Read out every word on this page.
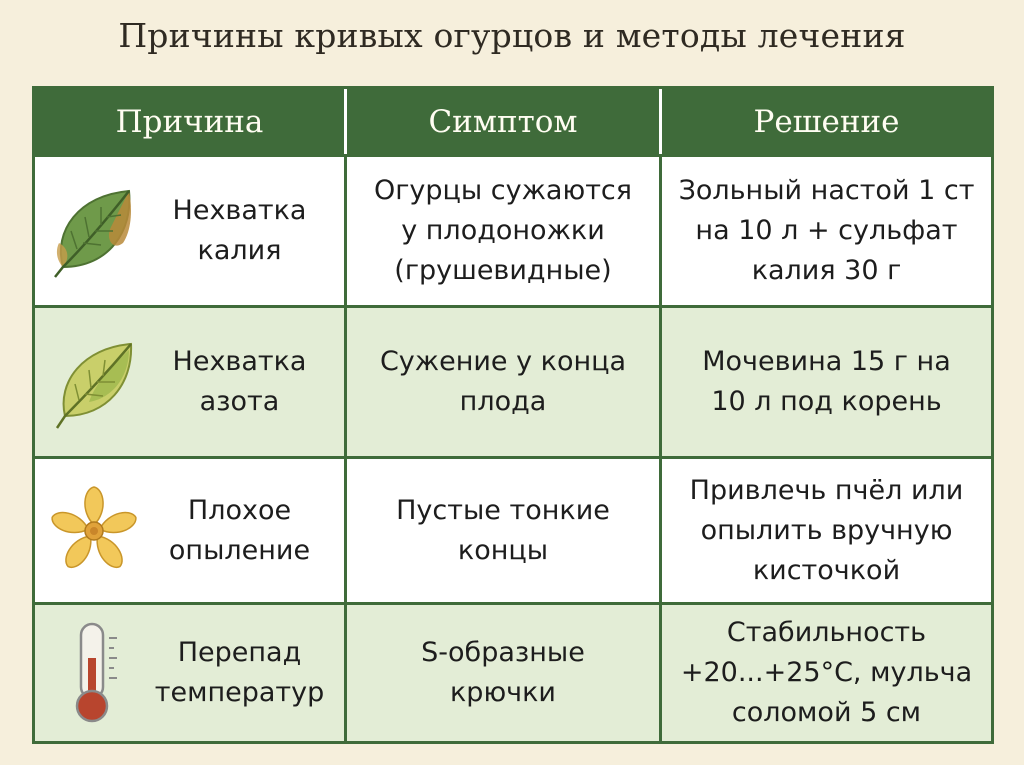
Причины кривых огурцов и методы лечения
Причина	Симптом	Решение
Нехватка
калия
Огурцы сужаются
у плодоножки
(грушевидные)
Зольный настой 1 ст
на 10 л + сульфат
калия 30 г
Нехватка
азота
Сужение у конца
плода
Мочевина 15 г на
10 л под корень
Плохое
опыление
Пустые тонкие
концы
Привлечь пчёл или
опылить вручную
кисточкой
Перепад
температур
S-образные
крючки
Стабильность
+20...+25°C, мульча
соломой 5 см
